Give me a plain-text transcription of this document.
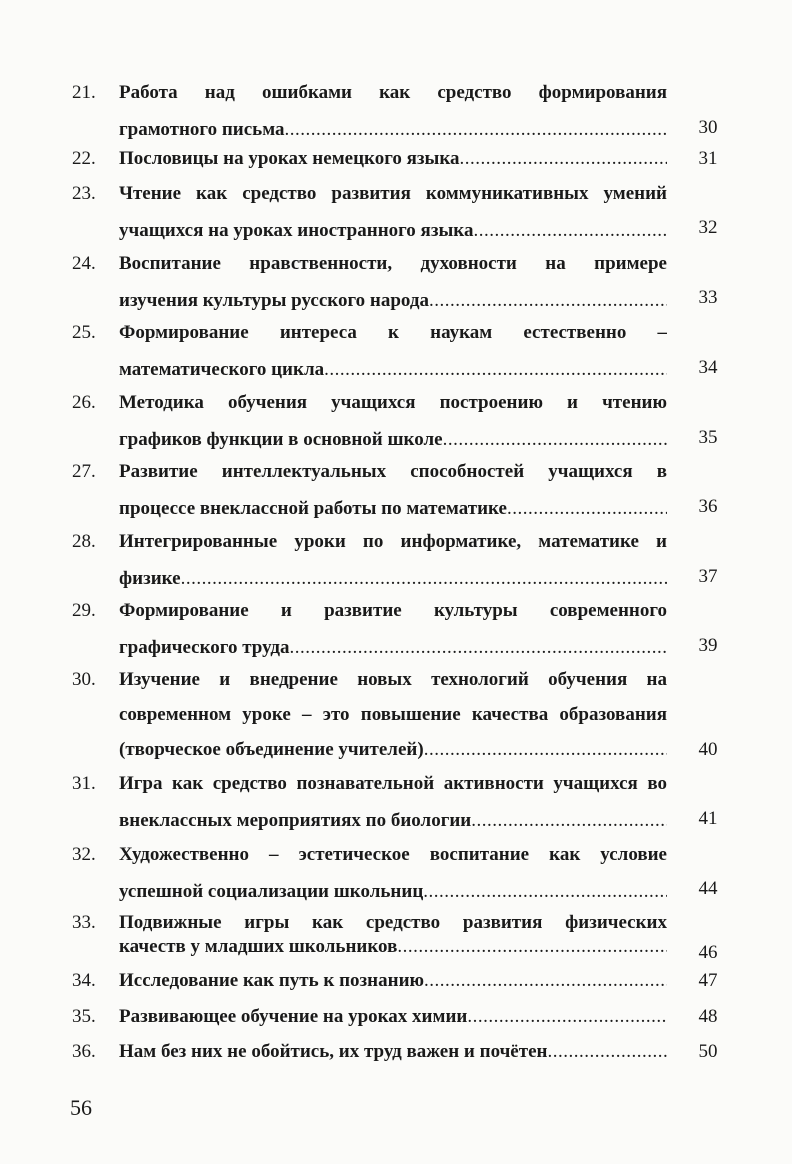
21. Работа над ошибками как средство формирования
грамотного письма .....	30
22. Пословицы на уроках немецкого языка .....	31
23. Чтение как средство развития коммуникативных умений
учащихся на уроках иностранного языка .....	32
24. Воспитание нравственности, духовности на примере
изучения культуры русского народа .....	33
25. Формирование интереса к наукам естественно –
математического цикла .....	34
26. Методика обучения учащихся построению и чтению
графиков функции в основной школе .....	35
27. Развитие интеллектуальных способностей учащихся в
процессе внеклассной работы по математике .....	36
28. Интегрированные уроки по информатике, математике и
физике .....	37
29. Формирование и развитие культуры современного
графического труда .....	39
30. Изучение и внедрение новых технологий обучения на
современном уроке – это повышение качества образования
(творческое объединение учителей) .....	40
31. Игра как средство познавательной активности учащихся во
внеклассных мероприятиях по биологии .....	41
32. Художественно – эстетическое воспитание как условие
успешной социализации школьниц .....	44
33. Подвижные игры как средство развития физических
качеств у младших школьников .....	46
34. Исследование как путь к познанию .....	47
35. Развивающее обучение на уроках химии .....	48
36. Нам без них не обойтись, их труд важен и почётен .....	50
56
